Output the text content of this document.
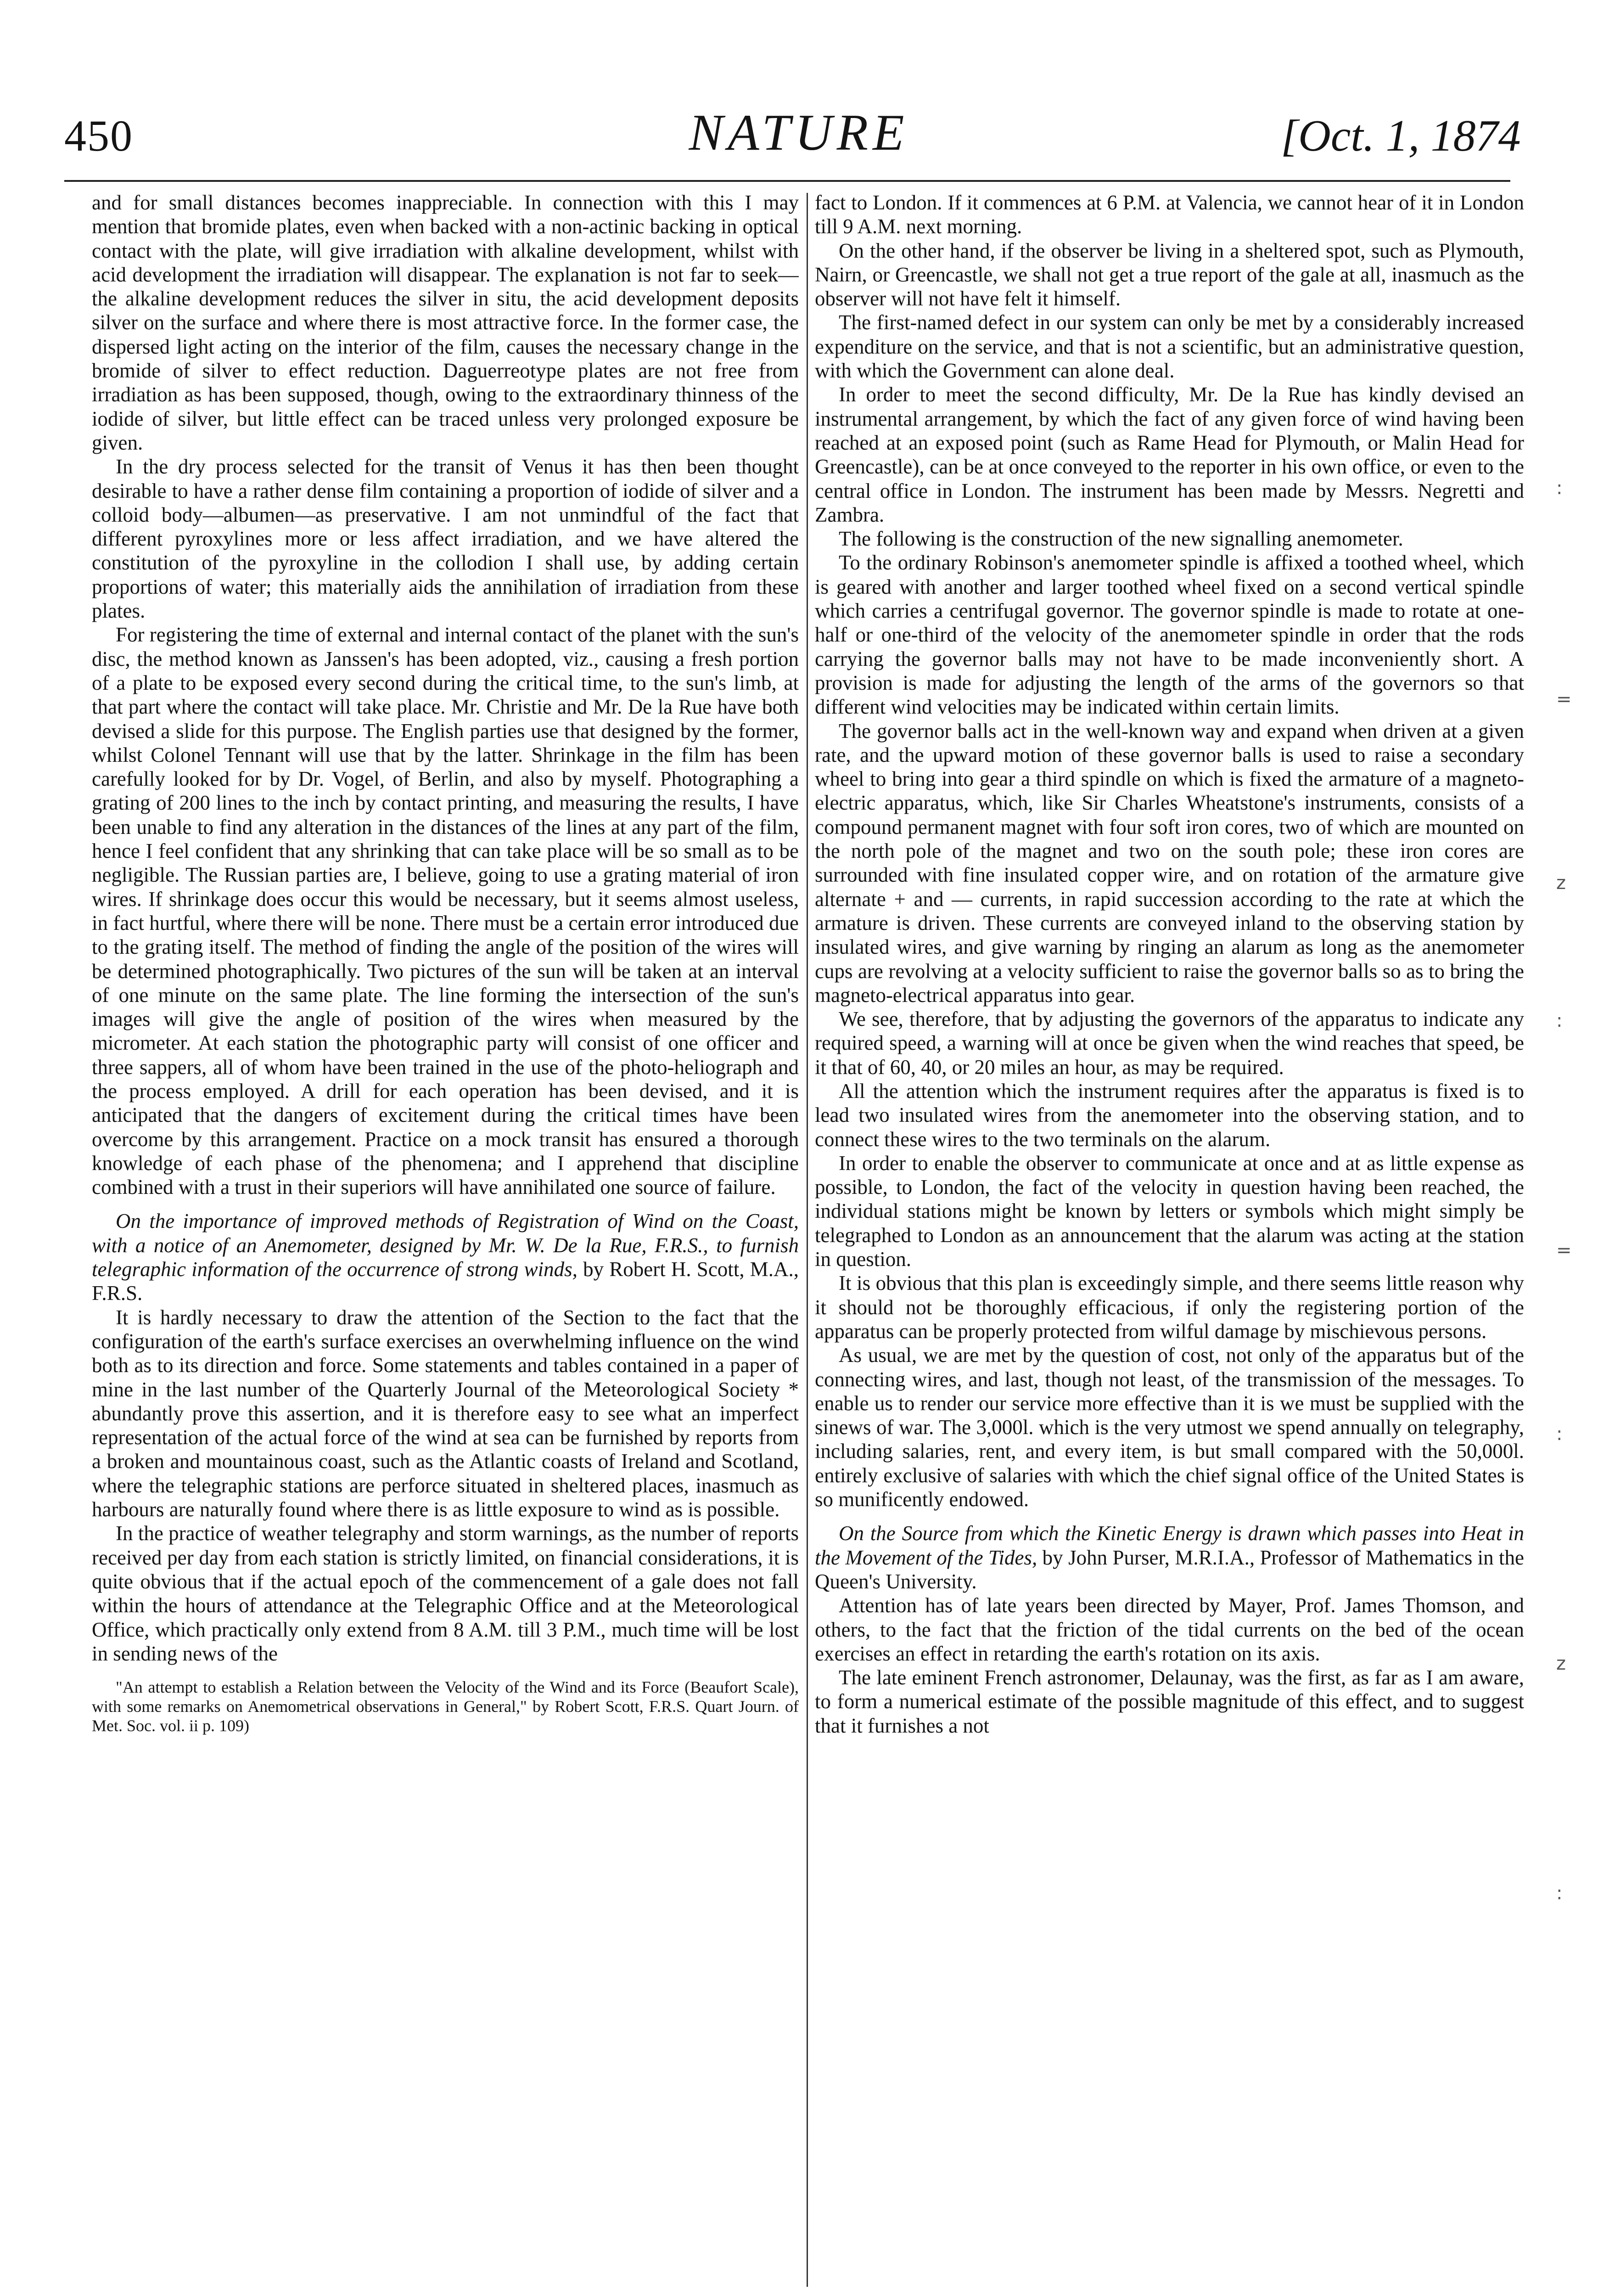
450	NATURE	[Oct. 1, 1874

and for small distances becomes inappreciable. In connection with this I may mention that bromide plates, even when backed with a non-actinic backing in optical contact with the plate, will give irradiation with alkaline development, whilst with acid development the irradiation will disappear. The explanation is not far to seek—the alkaline development reduces the silver in situ, the acid development deposits silver on the surface and where there is most attractive force. In the former case, the dispersed light acting on the interior of the film, causes the necessary change in the bromide of silver to effect reduction. Daguerreotype plates are not free from irradiation as has been supposed, though, owing to the extraordinary thinness of the iodide of silver, but little effect can be traced unless very prolonged exposure be given.

In the dry process selected for the transit of Venus it has then been thought desirable to have a rather dense film containing a proportion of iodide of silver and a colloid body—albumen—as preservative. I am not unmindful of the fact that different pyroxylines more or less affect irradiation, and we have altered the constitution of the pyroxyline in the collodion I shall use, by adding certain proportions of water; this materially aids the annihilation of irradiation from these plates.

For registering the time of external and internal contact of the planet with the sun's disc, the method known as Janssen's has been adopted, viz., causing a fresh portion of a plate to be exposed every second during the critical time, to the sun's limb, at that part where the contact will take place. Mr. Christie and Mr. De la Rue have both devised a slide for this purpose. The English parties use that designed by the former, whilst Colonel Tennant will use that by the latter. Shrinkage in the film has been carefully looked for by Dr. Vogel, of Berlin, and also by myself. Photographing a grating of 200 lines to the inch by contact printing, and measuring the results, I have been unable to find any alteration in the distances of the lines at any part of the film, hence I feel confident that any shrinking that can take place will be so small as to be negligible. The Russian parties are, I believe, going to use a grating material of iron wires. If shrinkage does occur this would be necessary, but it seems almost useless, in fact hurtful, where there will be none. There must be a certain error introduced due to the grating itself. The method of finding the angle of the position of the wires will be determined photographically. Two pictures of the sun will be taken at an interval of one minute on the same plate. The line forming the intersection of the sun's images will give the angle of position of the wires when measured by the micrometer. At each station the photographic party will consist of one officer and three sappers, all of whom have been trained in the use of the photo-heliograph and the process employed. A drill for each operation has been devised, and it is anticipated that the dangers of excitement during the critical times have been overcome by this arrangement. Practice on a mock transit has ensured a thorough knowledge of each phase of the phenomena; and I apprehend that discipline combined with a trust in their superiors will have annihilated one source of failure.

On the importance of improved methods of Registration of Wind on the Coast, with a notice of an Anemometer, designed by Mr. W. De la Rue, F.R.S., to furnish telegraphic information of the occurrence of strong winds, by Robert H. Scott, M.A., F.R.S.

It is hardly necessary to draw the attention of the Section to the fact that the configuration of the earth's surface exercises an overwhelming influence on the wind both as to its direction and force. Some statements and tables contained in a paper of mine in the last number of the Quarterly Journal of the Meteorological Society * abundantly prove this assertion, and it is therefore easy to see what an imperfect representation of the actual force of the wind at sea can be furnished by reports from a broken and mountainous coast, such as the Atlantic coasts of Ireland and Scotland, where the telegraphic stations are perforce situated in sheltered places, inasmuch as harbours are naturally found where there is as little exposure to wind as is possible.

In the practice of weather telegraphy and storm warnings, as the number of reports received per day from each station is strictly limited, on financial considerations, it is quite obvious that if the actual epoch of the commencement of a gale does not fall within the hours of attendance at the Telegraphic Office and at the Meteorological Office, which practically only extend from 8 A.M. till 3 P.M., much time will be lost in sending news of the

"An attempt to establish a Relation between the Velocity of the Wind and its Force (Beaufort Scale), with some remarks on Anemometrical observations in General," by Robert Scott, F.R.S. Quart Journ. of Met. Soc. vol. ii p. 109)

fact to London. If it commences at 6 P.M. at Valencia, we cannot hear of it in London till 9 A.M. next morning.

On the other hand, if the observer be living in a sheltered spot, such as Plymouth, Nairn, or Greencastle, we shall not get a true report of the gale at all, inasmuch as the observer will not have felt it himself.

The first-named defect in our system can only be met by a considerably increased expenditure on the service, and that is not a scientific, but an administrative question, with which the Government can alone deal.

In order to meet the second difficulty, Mr. De la Rue has kindly devised an instrumental arrangement, by which the fact of any given force of wind having been reached at an exposed point (such as Rame Head for Plymouth, or Malin Head for Greencastle), can be at once conveyed to the reporter in his own office, or even to the central office in London. The instrument has been made by Messrs. Negretti and Zambra.

The following is the construction of the new signalling anemometer.

To the ordinary Robinson's anemometer spindle is affixed a toothed wheel, which is geared with another and larger toothed wheel fixed on a second vertical spindle which carries a centrifugal governor. The governor spindle is made to rotate at one-half or one-third of the velocity of the anemometer spindle in order that the rods carrying the governor balls may not have to be made inconveniently short. A provision is made for adjusting the length of the arms of the governors so that different wind velocities may be indicated within certain limits.

The governor balls act in the well-known way and expand when driven at a given rate, and the upward motion of these governor balls is used to raise a secondary wheel to bring into gear a third spindle on which is fixed the armature of a magneto-electric apparatus, which, like Sir Charles Wheatstone's instruments, consists of a compound permanent magnet with four soft iron cores, two of which are mounted on the north pole of the magnet and two on the south pole; these iron cores are surrounded with fine insulated copper wire, and on rotation of the armature give alternate + and — currents, in rapid succession according to the rate at which the armature is driven. These currents are conveyed inland to the observing station by insulated wires, and give warning by ringing an alarum as long as the anemometer cups are revolving at a velocity sufficient to raise the governor balls so as to bring the magneto-electrical apparatus into gear.

We see, therefore, that by adjusting the governors of the apparatus to indicate any required speed, a warning will at once be given when the wind reaches that speed, be it that of 60, 40, or 20 miles an hour, as may be required.

All the attention which the instrument requires after the apparatus is fixed is to lead two insulated wires from the anemometer into the observing station, and to connect these wires to the two terminals on the alarum.

In order to enable the observer to communicate at once and at as little expense as possible, to London, the fact of the velocity in question having been reached, the individual stations might be known by letters or symbols which might simply be telegraphed to London as an announcement that the alarum was acting at the station in question.

It is obvious that this plan is exceedingly simple, and there seems little reason why it should not be thoroughly efficacious, if only the registering portion of the apparatus can be properly protected from wilful damage by mischievous persons.

As usual, we are met by the question of cost, not only of the apparatus but of the connecting wires, and last, though not least, of the transmission of the messages. To enable us to render our service more effective than it is we must be supplied with the sinews of war. The 3,000l. which is the very utmost we spend annually on telegraphy, including salaries, rent, and every item, is but small compared with the 50,000l. entirely exclusive of salaries with which the chief signal office of the United States is so munificently endowed.

On the Source from which the Kinetic Energy is drawn which passes into Heat in the Movement of the Tides, by John Purser, M.R.I.A., Professor of Mathematics in the Queen's University.

Attention has of late years been directed by Mayer, Prof. James Thomson, and others, to the fact that the friction of the tidal currents on the bed of the ocean exercises an effect in retarding the earth's rotation on its axis.

The late eminent French astronomer, Delaunay, was the first, as far as I am aware, to form a numerical estimate of the possible magnitude of this effect, and to suggest that it furnishes a not

:
=
z
:
=
:
z
:
